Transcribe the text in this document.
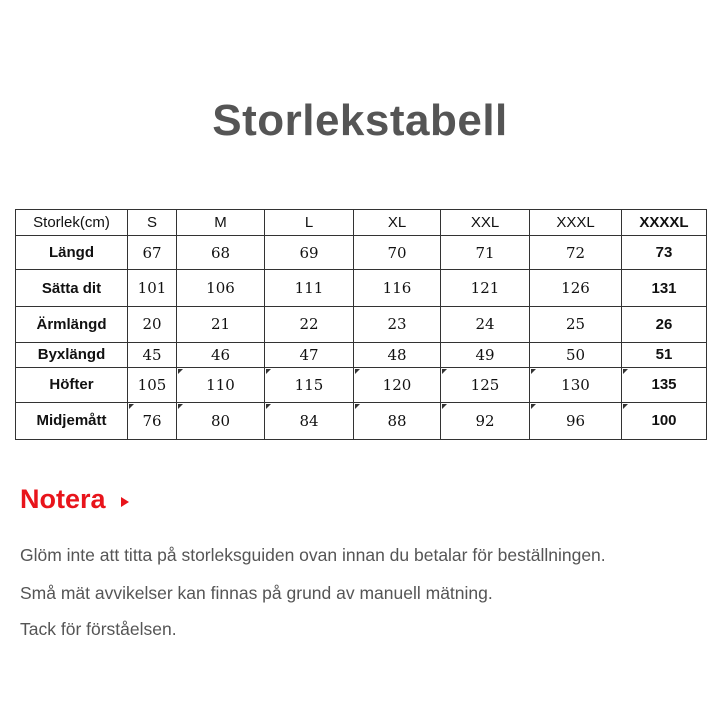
Storlekstabell
Storlek(cm)	S	M	L	XL	XXL	XXXL	XXXXL
Längd	67	68	69	70	71	72	73
Sätta dit	101	106	111	116	121	126	131
Ärmlängd	20	21	22	23	24	25	26
Byxlängd	45	46	47	48	49	50	51
Höfter	105	110	115	120	125	130	135
Midjemått	76	80	84	88	92	96	100
Notera
Glöm inte att titta på storleksguiden ovan innan du betalar för beställningen.
Små mät avvikelser kan finnas på grund av manuell mätning.
Tack för förståelsen.
